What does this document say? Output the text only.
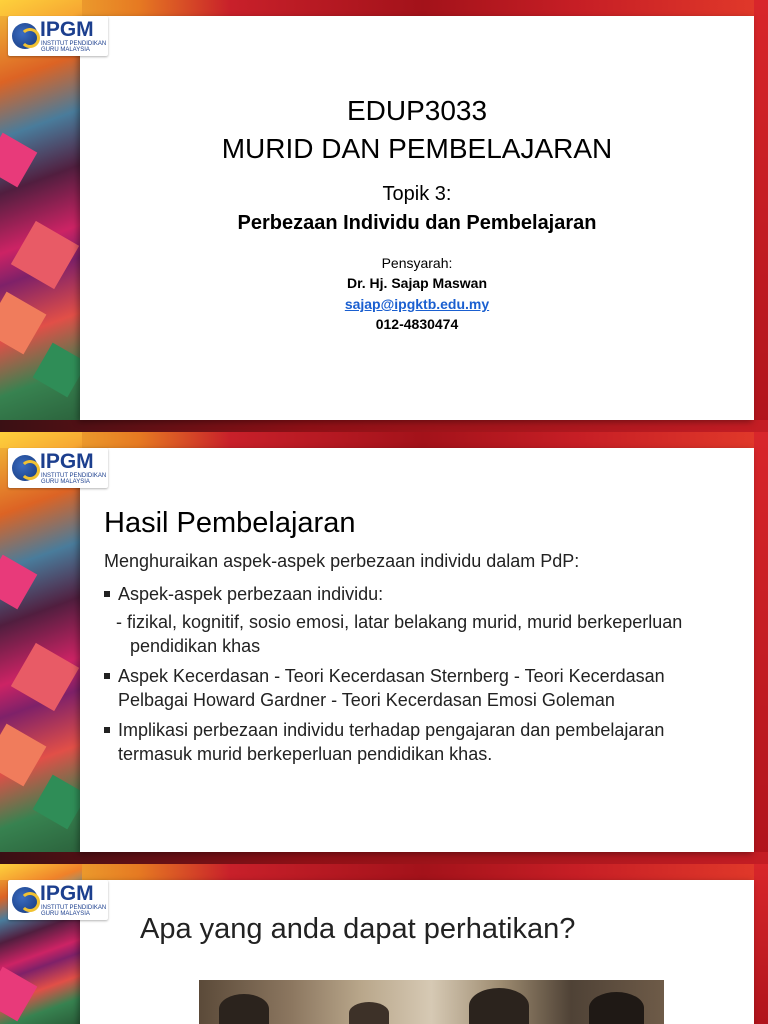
IPGM
INSTITUT PENDIDIKAN
GURU MALAYSIA
EDUP3033
MURID DAN PEMBELAJARAN
Topik 3:
Perbezaan Individu dan Pembelajaran
Pensyarah:
Dr. Hj. Sajap Maswan
sajap@ipgktb.edu.my
012-4830474
IPGM
INSTITUT PENDIDIKAN
GURU MALAYSIA
Hasil Pembelajaran
Menghuraikan aspek-aspek perbezaan individu dalam PdP:
Aspek-aspek perbezaan individu:
- fizikal, kognitif, sosio emosi, latar belakang murid, murid berkeperluan pendidikan khas
Aspek Kecerdasan - Teori Kecerdasan Sternberg - Teori Kecerdasan Pelbagai Howard Gardner - Teori Kecerdasan Emosi Goleman
Implikasi perbezaan individu terhadap pengajaran dan pembelajaran termasuk murid berkeperluan pendidikan khas.
IPGM
INSTITUT PENDIDIKAN
GURU MALAYSIA Apa yang anda dapat perhatikan?
